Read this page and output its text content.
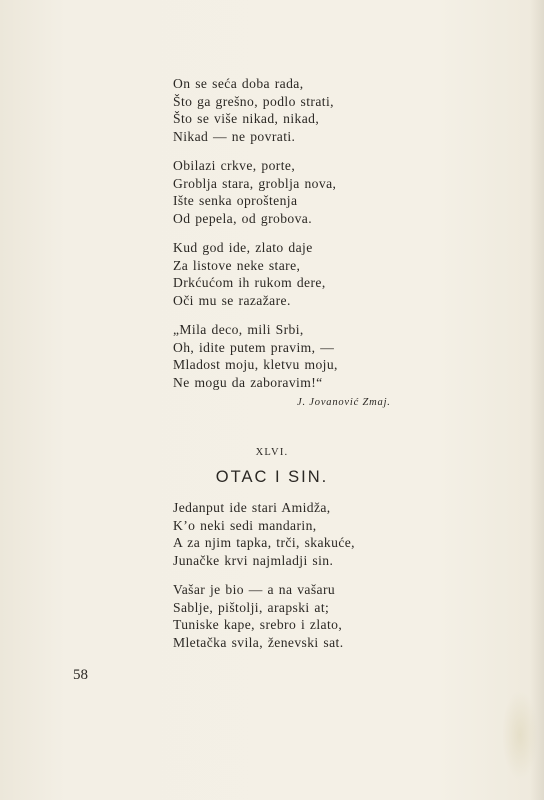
On se seća doba rada,
Što ga grešno, podlo strati,
Što se više nikad, nikad,
Nikad — ne povrati.
Obilazi crkve, porte,
Groblja stara, groblja nova,
Ište senka oproštenja
Od pepela, od grobova.
Kud god ide, zlato daje
Za listove neke stare,
Drkćućom ih rukom dere,
Oči mu se razažare.
„Mila deco, mili Srbi,
Oh, idite putem pravim, —
Mladost moju, kletvu moju,
Ne mogu da zaboravim!“
J. Jovanović Zmaj.
XLVI.
OTAC I SIN.
Jedanput ide stari Amidža,
K’o neki sedi mandarin,
A za njim tapka, trči, skakuće,
Junačke krvi najmladji sin.
Vašar je bio — a na vašaru
Sablje, pištolji, arapski at;
Tuniske kape, srebro i zlato,
Mletačka svila, ženevski sat.
58
